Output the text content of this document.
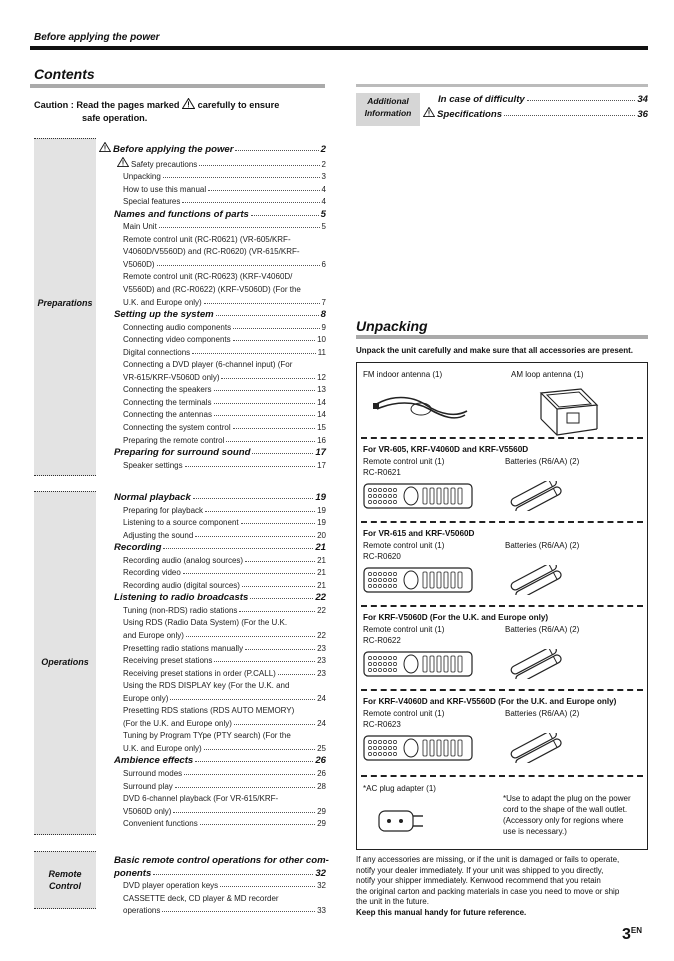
Before applying the power
Contents
Caution : Read the pages marked carefully to ensure
safe operation.
Preparations
Operations
Remote
Control
Before applying the power	2
Safety precautions	2
Unpacking	3
How to use this manual	4
Special features	4
Names and functions of parts	5
Main Unit	5
Remote control unit (RC-R0621) (VR-605/KRF-
V4060D/V5560D) and (RC-R0620) (VR-615/KRF-
V5060D)	6
Remote control unit (RC-R0623) (KRF-V4060D/
V5560D) and (RC-R0622) (KRF-V5060D) (For the
U.K. and Europe only)	7
Setting up the system	8
Connecting audio components	9
Connecting video components	10
Digital connections	11
Connecting a DVD player (6-channel input) (For
VR-615/KRF-V5060D only)	12
Connecting the speakers	13
Connecting the terminals	14
Connecting the antennas	14
Connecting the system control	15
Preparing the remote control	16
Preparing for surround sound	17
Speaker settings	17
Normal playback	19
Preparing for playback	19
Listening to a source component	19
Adjusting the sound	20
Recording	21
Recording audio (analog sources)	21
Recording video	21
Recording audio (digital sources)	21
Listening to radio broadcasts	22
Tuning (non-RDS) radio stations	22
Using RDS (Radio Data System) (For the U.K.
and Europe only)	22
Presetting radio stations manually	23
Receiving preset stations	23
Receiving preset stations in order (P.CALL)	23
Using the RDS DISPLAY key (For the U.K. and
Europe only)	24
Presetting RDS stations (RDS AUTO MEMORY)
(For the U.K. and Europe only)	24
Tuning by Program TYpe (PTY search) (For the
U.K. and Europe only)	25
Ambience effects	26
Surround modes	26
Surround play	28
DVD 6-channel playback (For VR-615/KRF-
V5060D only)	29
Convenient functions	29
Basic remote control operations for other com-
ponents	32
DVD player operation keys	32
CASSETTE deck, CD player & MD recorder
operations	33
Additional
Information
In case of difficulty	34
Specifications	36
Unpacking
Unpack the unit carefully and make sure that all accessories are present.
FM indoor antenna (1)	AM loop antenna (1)
For VR-605, KRF-V4060D and KRF-V5560D
Remote control unit (1)	Batteries (R6/AA) (2)
RC-R0621
For VR-615 and KRF-V5060D
Remote control unit (1)	Batteries (R6/AA) (2)
RC-R0620
For KRF-V5060D (For the U.K. and Europe only)
Remote control unit (1)	Batteries (R6/AA) (2)
RC-R0622
For KRF-V4060D and KRF-V5560D (For the U.K. and Europe only)
Remote control unit (1)	Batteries (R6/AA) (2)
RC-R0623
*AC plug adapter (1)
*Use to adapt the plug on the power
cord to the shape of the wall outlet.
(Accessory only for regions where
use is necessary.)
If any accessories are missing, or if the unit is damaged or fails to operate,
notify your dealer immediately. If your unit was shipped to you directly,
notify your shipper immediately. Kenwood recommend that you retain
the original carton and packing materials in case you need to move or ship
the unit in the future.
Keep this manual handy for future reference.
$3^{EN}$
